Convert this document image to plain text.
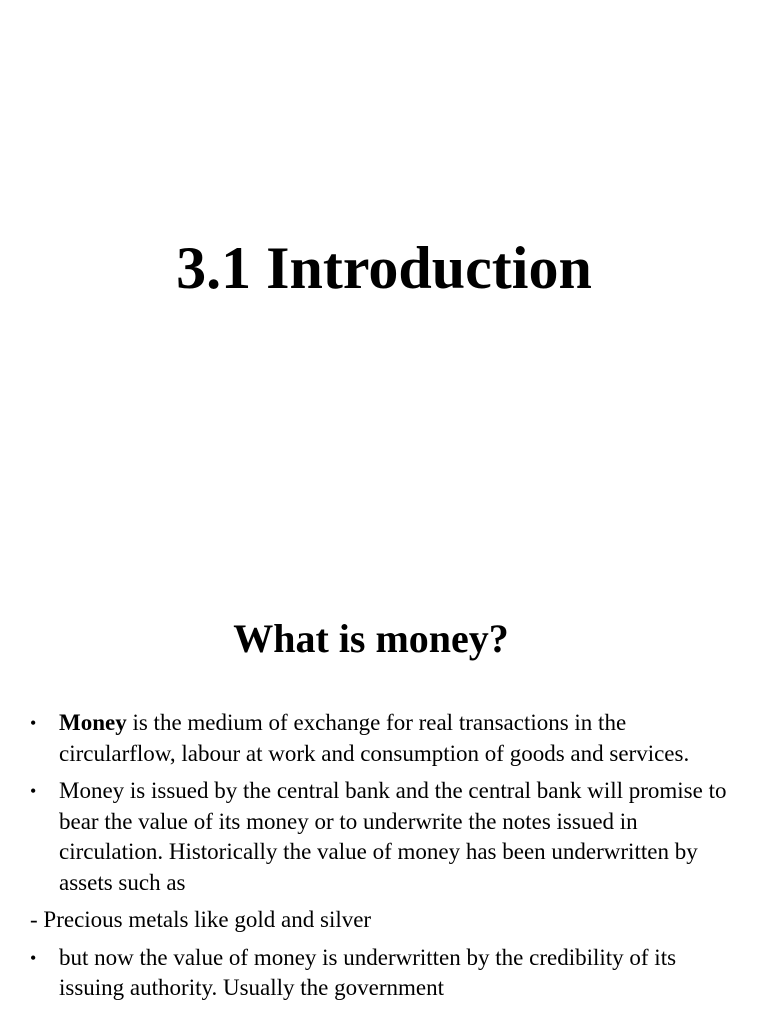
3.1 Introduction
What is money?
• Money is the medium of exchange for real transactions in the circularflow, labour at work and consumption of goods and services.
• Money is issued by the central bank and the central bank will promise to bear the value of its money or to underwrite the notes issued in circulation. Historically the value of money has been underwritten by assets such as
- Precious metals like gold and silver
• but now the value of money is underwritten by the credibility of its issuing authority. Usually the government
